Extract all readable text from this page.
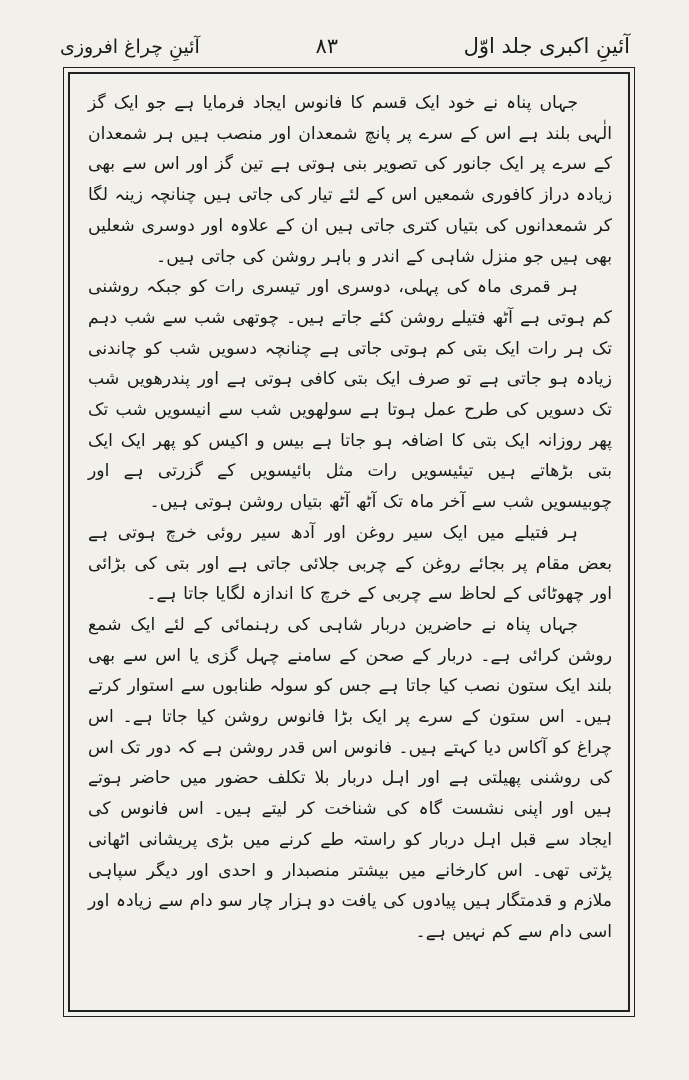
آئینِ اکبری جلد اوّل
۸۳
آئینِ چراغ افروزی

جہاں پناہ نے خود ایک قسم کا فانوس ایجاد فرمایا ہے جو ایک گز الٰہی بلند ہے اس کے سرے پر پانچ شمعدان اور منصب ہیں ہر شمعدان کے سرے پر ایک جانور کی تصویر بنی ہوتی ہے تین گز اور اس سے بھی زیادہ دراز کافوری شمعیں اس کے لئے تیار کی جاتی ہیں چنانچہ زینہ لگا کر شمعدانوں کی بتیاں کتری جاتی ہیں ان کے علاوہ اور دوسری شعلیں بھی ہیں جو منزل شاہی کے اندر و باہر روشن کی جاتی ہیں۔

ہر قمری ماہ کی پہلی، دوسری اور تیسری رات کو جبکہ روشنی کم ہوتی ہے آٹھ فتیلے روشن کئے جاتے ہیں۔ چوتھی شب سے شب دہم تک ہر رات ایک بتی کم ہوتی جاتی ہے چنانچہ دسویں شب کو چاندنی زیادہ ہو جاتی ہے تو صرف ایک بتی کافی ہوتی ہے اور پندرھویں شب تک دسویں کی طرح عمل ہوتا ہے سولھویں شب سے انیسویں شب تک پھر روزانہ ایک بتی کا اضافہ ہو جاتا ہے بیس و اکیس کو پھر ایک ایک بتی بڑھاتے ہیں تیئیسویں رات مثل بائیسویں کے گزرتی ہے اور چوبیسویں شب سے آخر ماہ تک آٹھ آٹھ بتیاں روشن ہوتی ہیں۔

ہر فتیلے میں ایک سیر روغن اور آدھ سیر روئی خرچ ہوتی ہے بعض مقام پر بجائے روغن کے چربی جلائی جاتی ہے اور بتی کی بڑائی اور چھوٹائی کے لحاظ سے چربی کے خرچ کا اندازہ لگایا جاتا ہے۔

جہاں پناہ نے حاضرین دربار شاہی کی رہنمائی کے لئے ایک شمع روشن کرائی ہے۔ دربار کے صحن کے سامنے چہل گزی یا اس سے بھی بلند ایک ستون نصب کیا جاتا ہے جس کو سولہ طنابوں سے استوار کرتے ہیں۔ اس ستون کے سرے پر ایک بڑا فانوس روشن کیا جاتا ہے۔ اس چراغ کو آکاس دیا کہتے ہیں۔ فانوس اس قدر روشن ہے کہ دور تک اس کی روشنی پھیلتی ہے اور اہل دربار بلا تکلف حضور میں حاضر ہوتے ہیں اور اپنی نشست گاہ کی شناخت کر لیتے ہیں۔ اس فانوس کی ایجاد سے قبل اہل دربار کو راستہ طے کرنے میں بڑی پریشانی اٹھانی پڑتی تھی۔ اس کارخانے میں بیشتر منصبدار و احدی اور دیگر سپاہی ملازم و قدمتگار ہیں پیادوں کی یافت دو ہزار چار سو دام سے زیادہ اور اسی دام سے کم نہیں ہے۔
